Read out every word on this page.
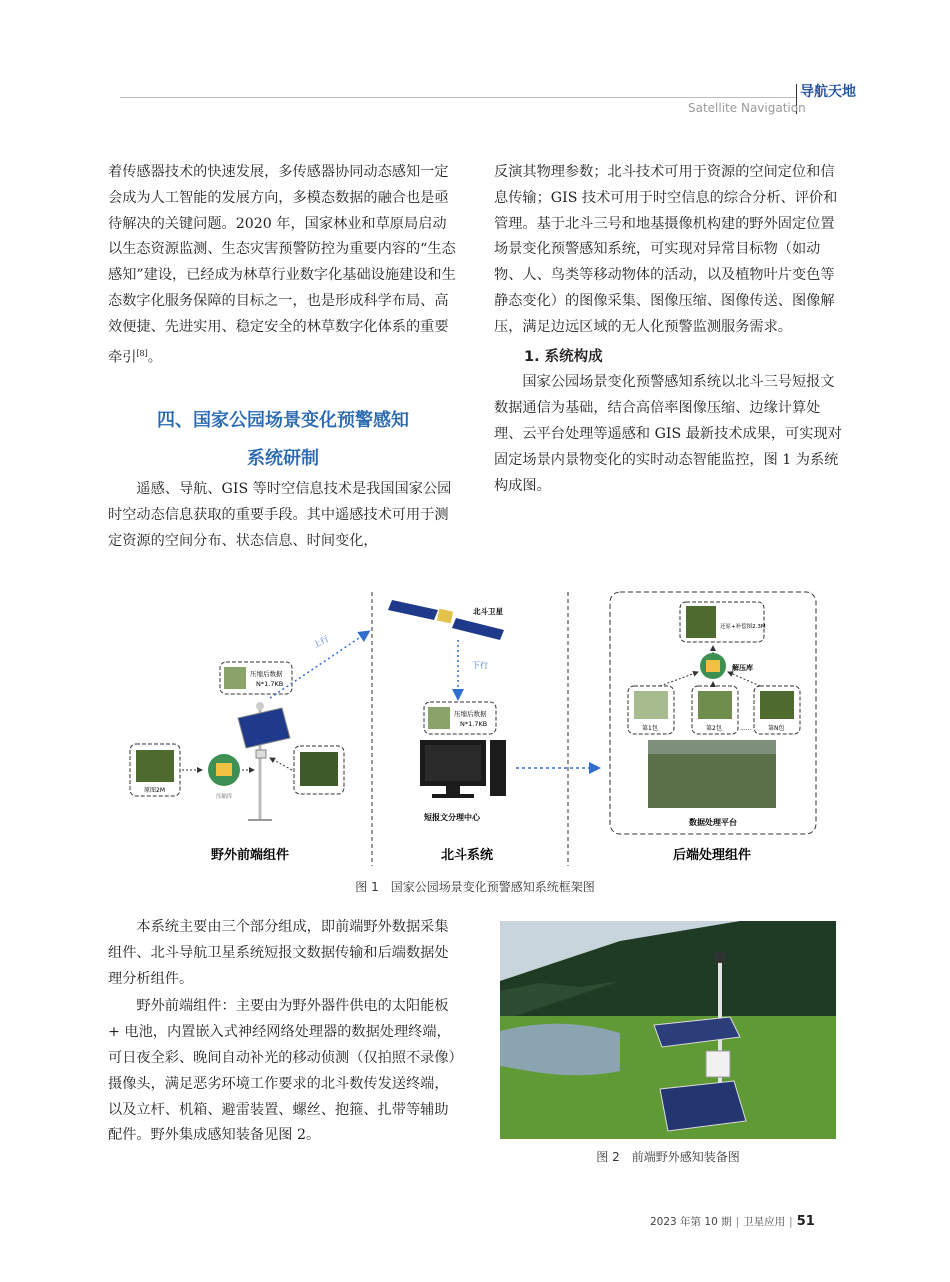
导航天地
Satellite Navigation

着传感器技术的快速发展，多传感器协同动态感知一定会成为人工智能的发展方向，多模态数据的融合也是亟待解决的关键问题。2020 年，国家林业和草原局启动以生态资源监测、生态灾害预警防控为重要内容的“生态感知”建设，已经成为林草行业数字化基础设施建设和生态数字化服务保障的目标之一，也是形成科学布局、高效便捷、先进实用、稳定安全的林草数字化体系的重要牵引[8]。

四、国家公园场景变化预警感知
系统研制

遥感、导航、GIS 等时空信息技术是我国国家公园时空动态信息获取的重要手段。其中遥感技术可用于测定资源的空间分布、状态信息、时间变化，

反演其物理参数；北斗技术可用于资源的空间定位和信息传输；GIS 技术可用于时空信息的综合分析、评价和管理。基于北斗三号和地基摄像机构建的野外固定位置场景变化预警感知系统，可实现对异常目标物（如动物、人、鸟类等移动物体的活动，以及植物叶片变色等静态变化）的图像采集、图像压缩、图像传送、图像解压，满足边远区域的无人化预警监测服务需求。

1. 系统构成

国家公园场景变化预警感知系统以北斗三号短报文数据通信为基础，结合高倍率图像压缩、边缘计算处理、云平台处理等遥感和 GIS 最新技术成果，可实现对固定场景内景物变化的实时动态智能监控，图 1 为系统构成图。

压缩后数据
N*1.7KB
原图2M
压缩库
上行
野外前端组件
北斗卫星
下行
压缩后数据
N*1.7KB
短报文分理中心
北斗系统
还原+补偿图2.3M
解压库
第1包	第2包	......	第N包
数据处理平台
后端处理组件
图 1　国家公园场景变化预警感知系统框架图

本系统主要由三个部分组成，即前端野外数据采集组件、北斗导航卫星系统短报文数据传输和后端数据处理分析组件。

野外前端组件：主要由为野外器件供电的太阳能板 + 电池，内置嵌入式神经网络处理器的数据处理终端，可日夜全彩、晚间自动补光的移动侦测（仅拍照不录像）摄像头，满足恶劣环境工作要求的北斗数传发送终端，以及立杆、机箱、避雷装置、螺丝、抱箍、扎带等辅助配件。野外集成感知装备见图 2。

图 2　前端野外感知装备图
2023 年第 10 期 | 卫星应用 | 51
